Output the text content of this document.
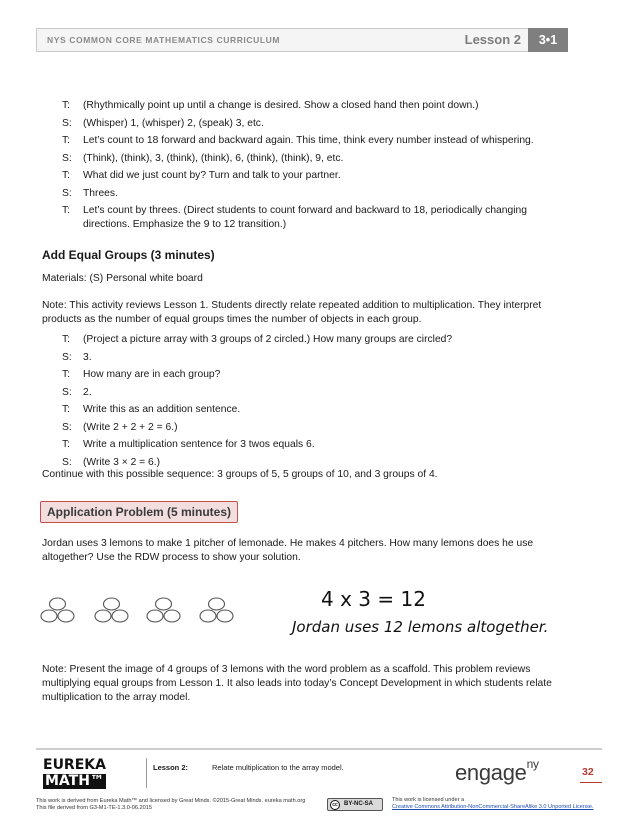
NYS COMMON CORE MATHEMATICS CURRICULUM	Lesson 2	3•1
T:	(Rhythmically point up until a change is desired. Show a closed hand then point down.)
S:	(Whisper) 1, (whisper) 2, (speak) 3, etc.
T:	Let’s count to 18 forward and backward again. This time, think every number instead of whispering.
S:	(Think), (think), 3, (think), (think), 6, (think), (think), 9, etc.
T:	What did we just count by? Turn and talk to your partner.
S:	Threes.
T:	Let’s count by threes. (Direct students to count forward and backward to 18, periodically changing directions. Emphasize the 9 to 12 transition.)
Add Equal Groups (3 minutes)
Materials: (S) Personal white board
Note: This activity reviews Lesson 1. Students directly relate repeated addition to multiplication. They interpret products as the number of equal groups times the number of objects in each group.
T:	(Project a picture array with 3 groups of 2 circled.) How many groups are circled?
S:	3.
T:	How many are in each group?
S:	2.
T:	Write this as an addition sentence.
S:	(Write 2 + 2 + 2 = 6.)
T:	Write a multiplication sentence for 3 twos equals 6.
S:	(Write 3 × 2 = 6.)
Continue with this possible sequence: 3 groups of 5, 5 groups of 10, and 3 groups of 4.
Application Problem (5 minutes)
Jordan uses 3 lemons to make 1 pitcher of lemonade. He makes 4 pitchers. How many lemons does he use altogether? Use the RDW process to show your solution.
4 x 3 = 12
Jordan uses 12 lemons altogether.
Note: Present the image of 4 groups of 3 lemons with the word problem as a scaffold. This problem reviews multiplying equal groups from Lesson 1. It also leads into today’s Concept Development in which students relate multiplication to the array model.
EUREKA
MATH™
Lesson 2:	Relate multiplication to the array model.	engage$^{ny}$
32
This work is derived from Eureka Math™ and licensed by Great Minds. ©2015-Great Minds. eureka math.org
This file derived from G3-M1-TE-1.3.0-06.2015	cc	BY-NC-SA
This work is licensed under a
Creative Commons Attribution-NonCommercial-ShareAlike 3.0 Unported License.
